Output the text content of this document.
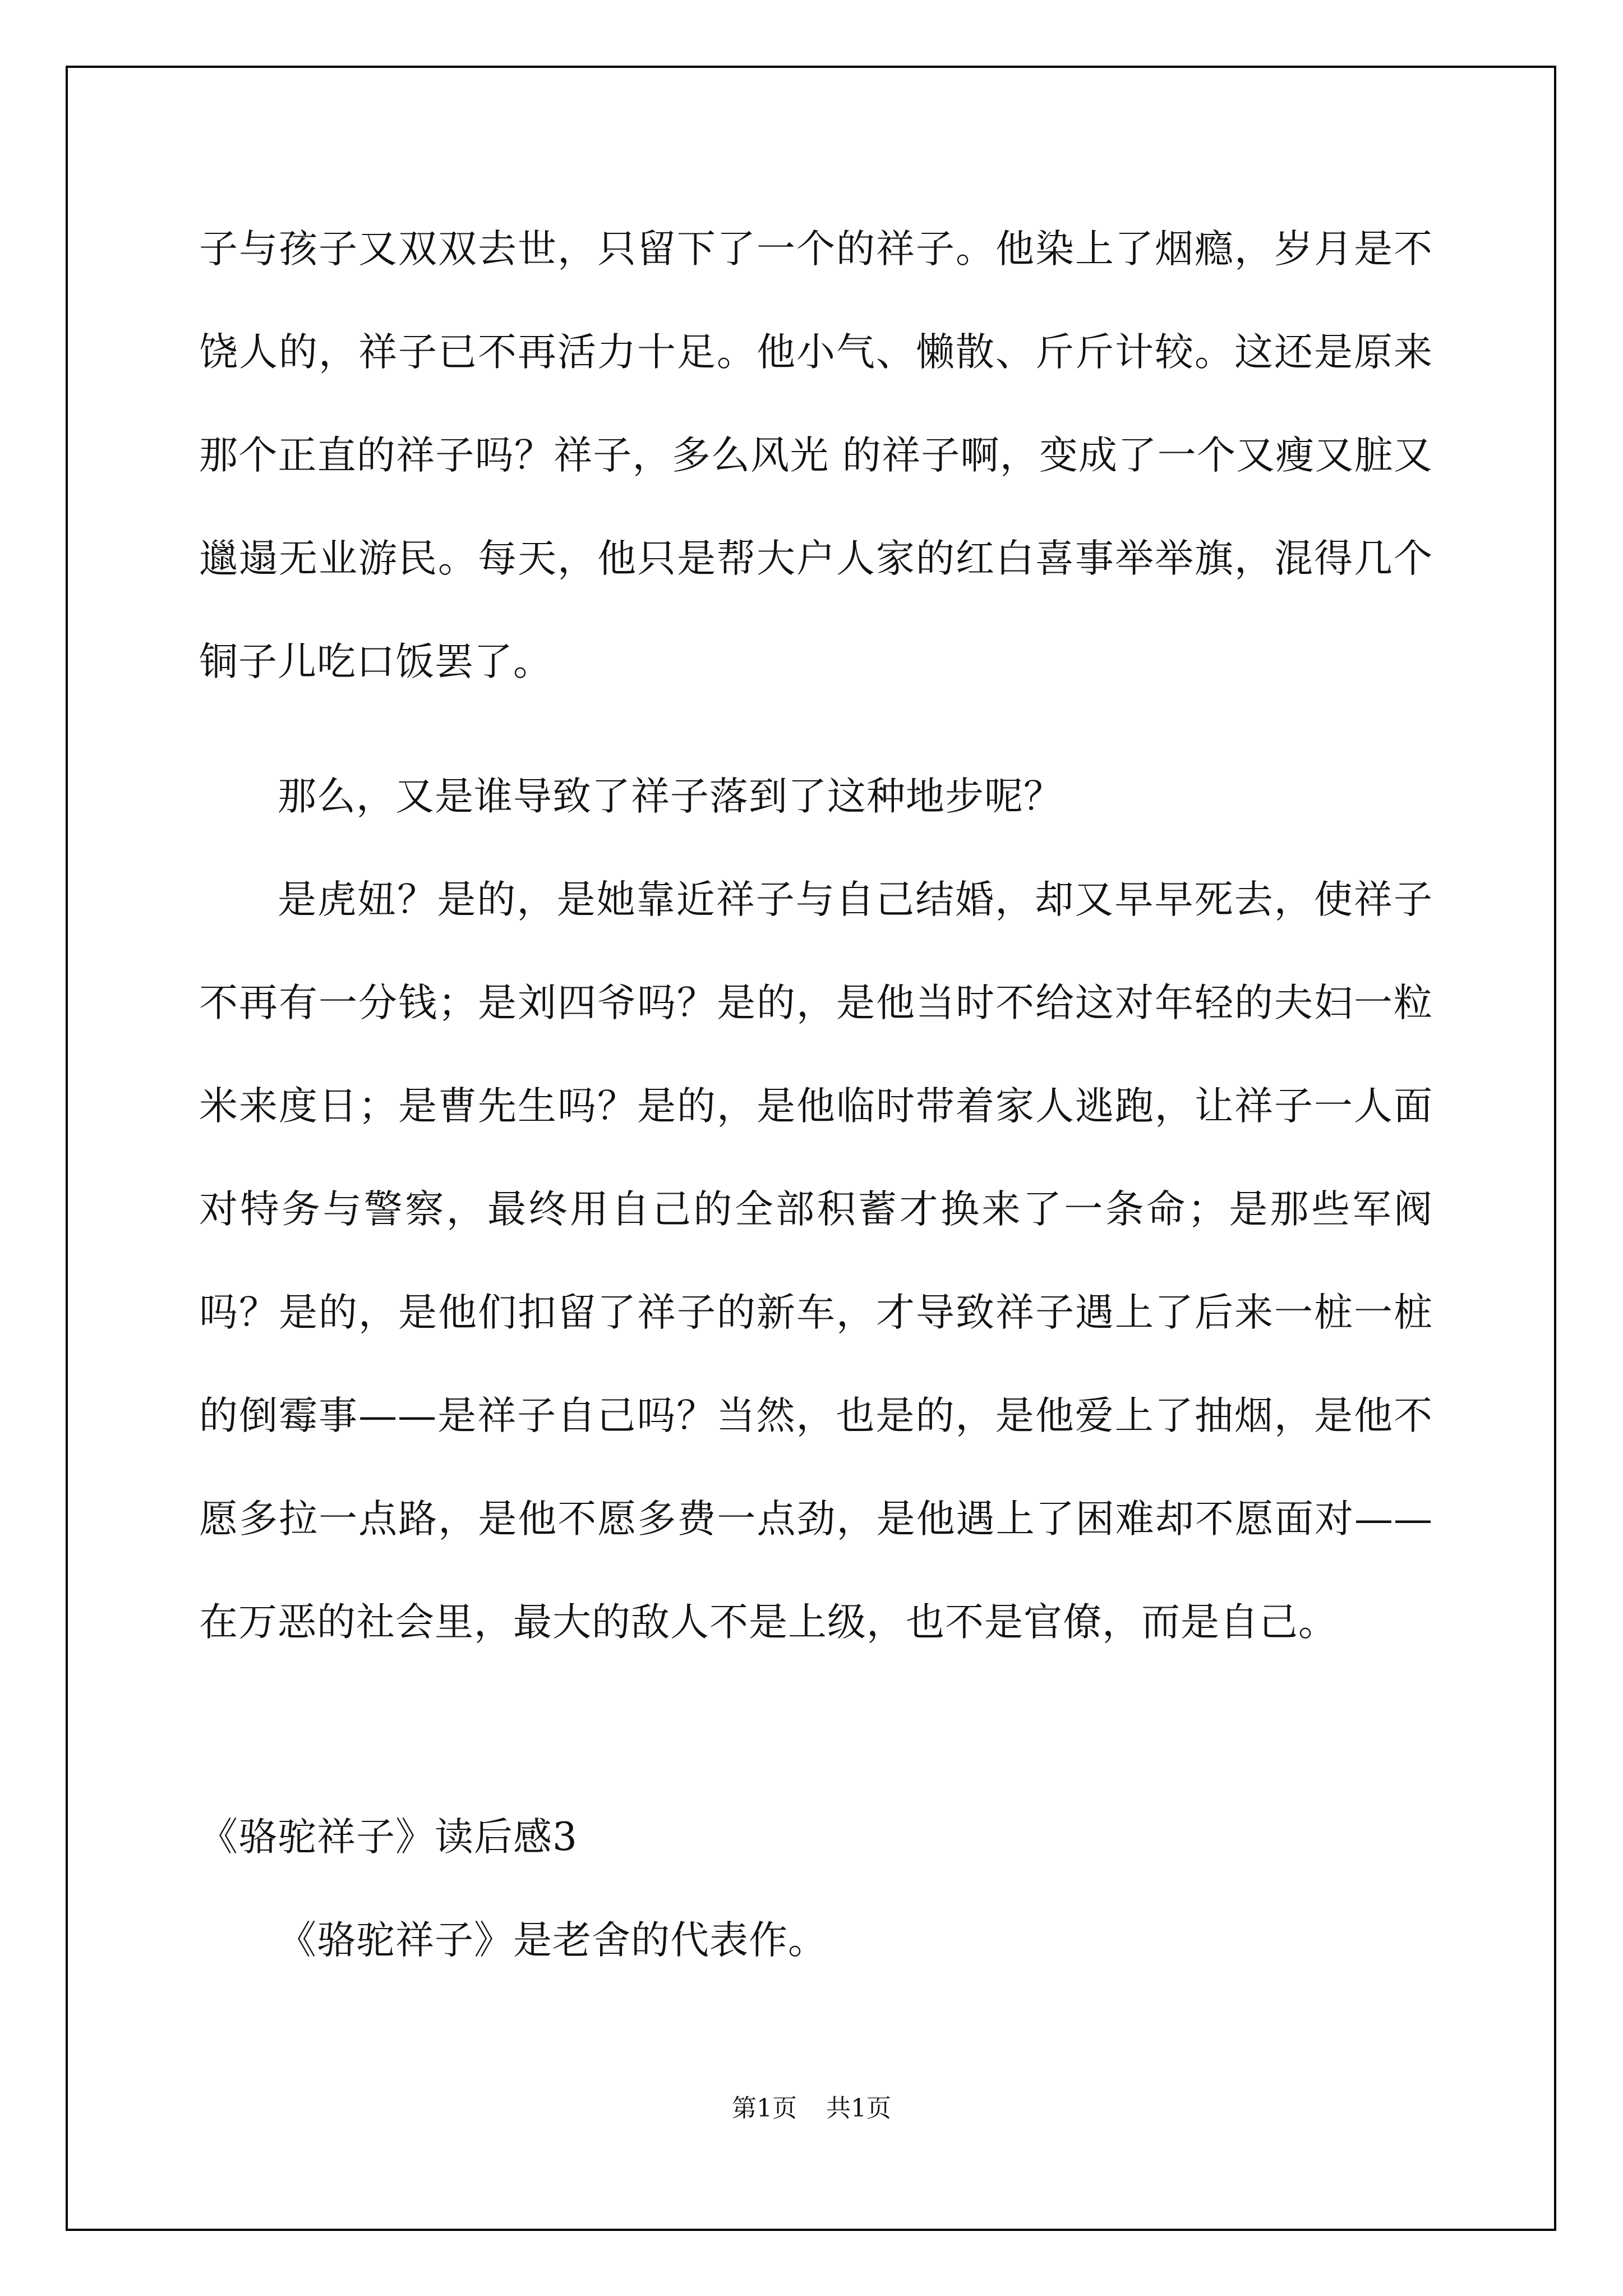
子与孩子又双双去世，只留下了一个的祥子。他染上了烟瘾，岁月是不饶人的，祥子已不再活力十足。他小气、懒散、斤斤计较。这还是原来那个正直的祥子吗？祥子，多么风光 的祥子啊，变成了一个又瘦又脏又邋遢无业游民。每天，他只是帮大户人家的红白喜事举举旗，混得几个铜子儿吃口饭罢了。

那么，又是谁导致了祥子落到了这种地步呢？

是虎妞？是的，是她靠近祥子与自己结婚，却又早早死去，使祥子不再有一分钱；是刘四爷吗？是的，是他当时不给这对年轻的夫妇一粒米来度日；是曹先生吗？是的，是他临时带着家人逃跑，让祥子一人面对特务与警察，最终用自己的全部积蓄才换来了一条命；是那些军阀吗？是的，是他们扣留了祥子的新车，才导致祥子遇上了后来一桩一桩的倒霉事——是祥子自己吗？当然，也是的，是他爱上了抽烟，是他不愿多拉一点路，是他不愿多费一点劲，是他遇上了困难却不愿面对——在万恶的社会里，最大的敌人不是上级，也不是官僚，而是自己。

《骆驼祥子》读后感3

《骆驼祥子》是老舍的代表作。

第1页 共1页
